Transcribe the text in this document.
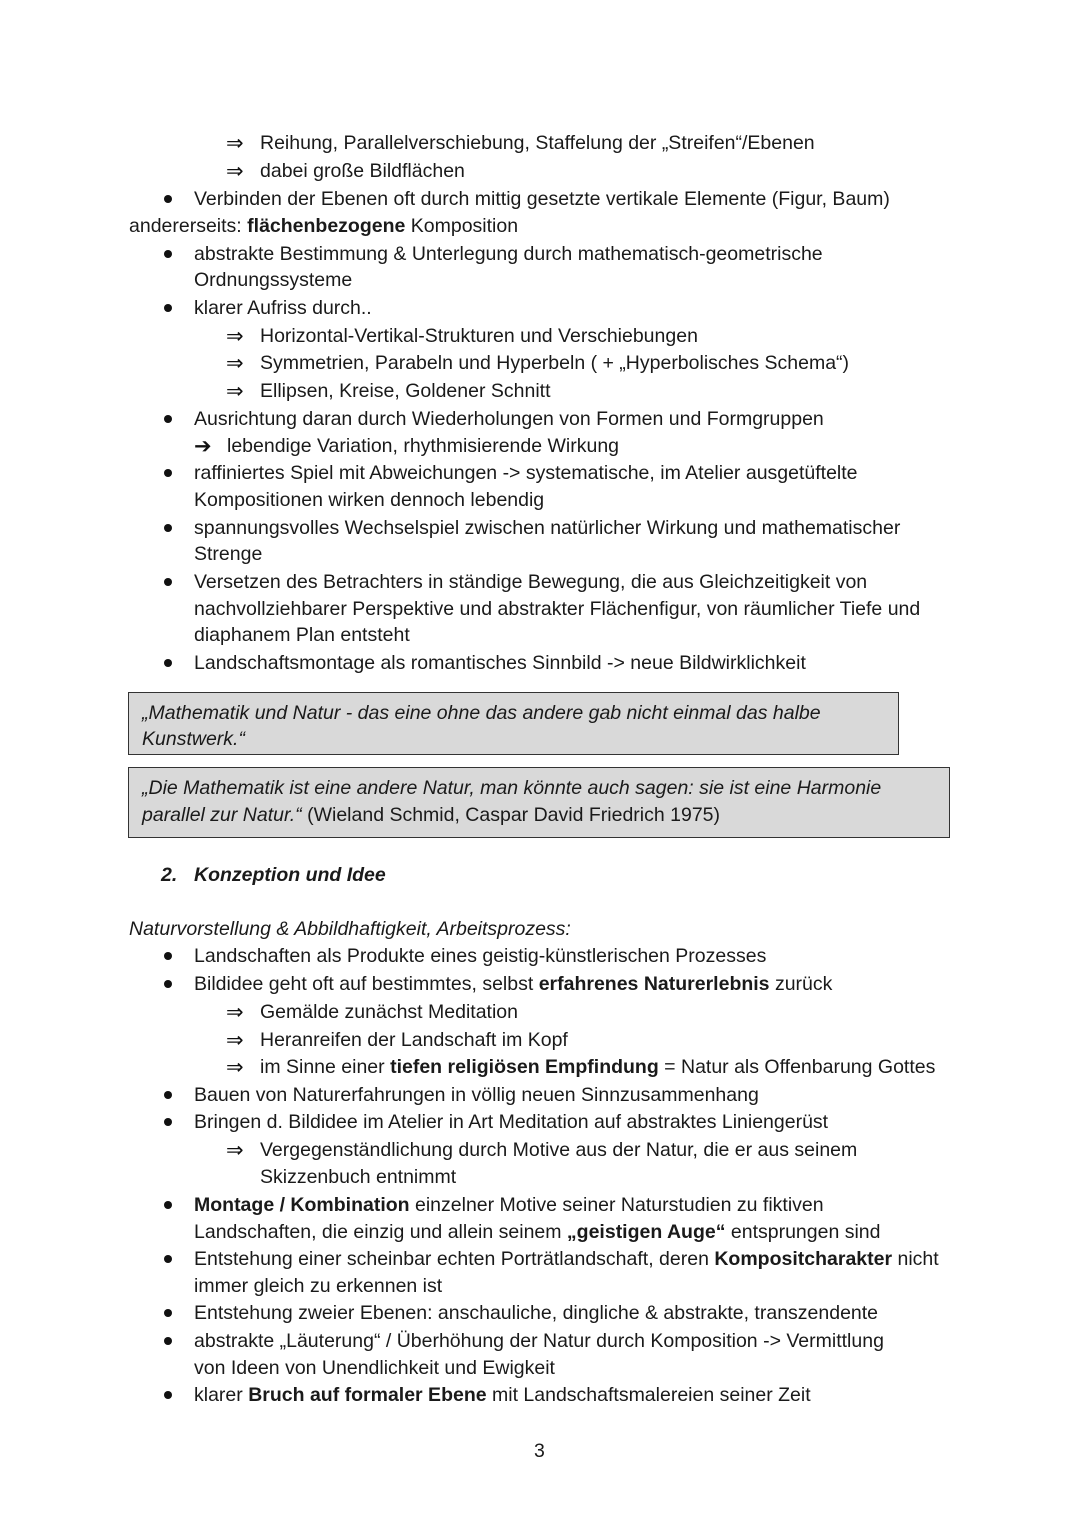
⇒ Reihung, Parallelverschiebung, Staffelung der „Streifen“/Ebenen
⇒ dabei große Bildflächen
Verbinden der Ebenen oft durch mittig gesetzte vertikale Elemente (Figur, Baum)
andererseits: flächenbezogene Komposition
abstrakte Bestimmung & Unterlegung durch mathematisch-geometrische
Ordnungssysteme
klarer Aufriss durch..
⇒ Horizontal-Vertikal-Strukturen und Verschiebungen
⇒ Symmetrien, Parabeln und Hyperbeln ( + „Hyperbolisches Schema“)
⇒ Ellipsen, Kreise, Goldener Schnitt
Ausrichtung daran durch Wiederholungen von Formen und Formgruppen
➔ lebendige Variation, rhythmisierende Wirkung
raffiniertes Spiel mit Abweichungen -> systematische, im Atelier ausgetüftelte
Kompositionen wirken dennoch lebendig
spannungsvolles Wechselspiel zwischen natürlicher Wirkung und mathematischer
Strenge
Versetzen des Betrachters in ständige Bewegung, die aus Gleichzeitigkeit von
nachvollziehbarer Perspektive und abstrakter Flächenfigur, von räumlicher Tiefe und
diaphanem Plan entsteht
Landschaftsmontage als romantisches Sinnbild -> neue Bildwirklichkeit
„Mathematik und Natur - das eine ohne das andere gab nicht einmal das halbe
Kunstwerk.“
„Die Mathematik ist eine andere Natur, man könnte auch sagen: sie ist eine Harmonie
parallel zur Natur.“ (Wieland Schmid, Caspar David Friedrich 1975)
2. Konzeption und Idee
Naturvorstellung & Abbildhaftigkeit, Arbeitsprozess:
Landschaften als Produkte eines geistig-künstlerischen Prozesses
Bildidee geht oft auf bestimmtes, selbst erfahrenes Naturerlebnis zurück
⇒ Gemälde zunächst Meditation
⇒ Heranreifen der Landschaft im Kopf
⇒ im Sinne einer tiefen religiösen Empfindung = Natur als Offenbarung Gottes
Bauen von Naturerfahrungen in völlig neuen Sinnzusammenhang
Bringen d. Bildidee im Atelier in Art Meditation auf abstraktes Liniengerüst
⇒ Vergegenständlichung durch Motive aus der Natur, die er aus seinem
Skizzenbuch entnimmt
Montage / Kombination einzelner Motive seiner Naturstudien zu fiktiven
Landschaften, die einzig und allein seinem „geistigen Auge“ entsprungen sind
Entstehung einer scheinbar echten Porträtlandschaft, deren Kompositcharakter nicht
immer gleich zu erkennen ist
Entstehung zweier Ebenen: anschauliche, dingliche & abstrakte, transzendente
abstrakte „Läuterung“ / Überhöhung der Natur durch Komposition -> Vermittlung
von Ideen von Unendlichkeit und Ewigkeit
klarer Bruch auf formaler Ebene mit Landschaftsmalereien seiner Zeit
3
